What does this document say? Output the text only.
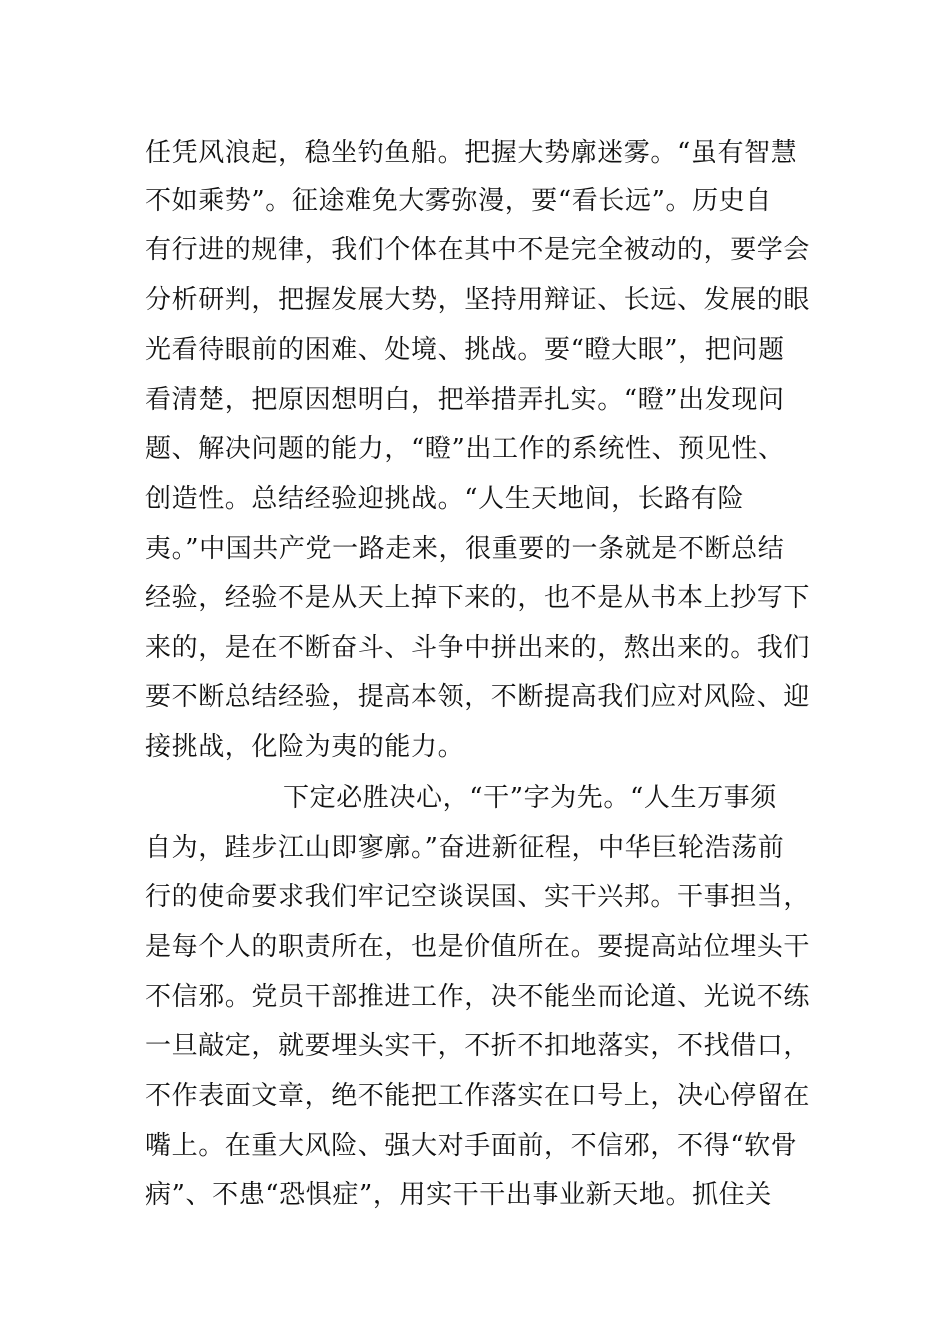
任凭风浪起，稳坐钓鱼船。把握大势廓迷雾。“虽有智慧
不如乘势”。征途难免大雾弥漫，要“看长远”。历史自
有行进的规律，我们个体在其中不是完全被动的，要学会
分析研判，把握发展大势，坚持用辩证、长远、发展的眼
光看待眼前的困难、处境、挑战。要“瞪大眼”，把问题
看清楚，把原因想明白，把举措弄扎实。“瞪”出发现问
题、解决问题的能力，“瞪”出工作的系统性、预见性、
创造性。总结经验迎挑战。“人生天地间，长路有险
夷。”中国共产党一路走来，很重要的一条就是不断总结
经验，经验不是从天上掉下来的，也不是从书本上抄写下
来的，是在不断奋斗、斗争中拼出来的，熬出来的。我们
要不断总结经验，提高本领，不断提高我们应对风险、迎
接挑战，化险为夷的能力。
下定必胜决心，“干”字为先。“人生万事须
自为，跬步江山即寥廓。”奋进新征程，中华巨轮浩荡前
行的使命要求我们牢记空谈误国、实干兴邦。干事担当，
是每个人的职责所在，也是价值所在。要提高站位埋头干
不信邪。党员干部推进工作，决不能坐而论道、光说不练
一旦敲定，就要埋头实干，不折不扣地落实，不找借口，
不作表面文章，绝不能把工作落实在口号上，决心停留在
嘴上。在重大风险、强大对手面前，不信邪，不得“软骨
病”、不患“恐惧症”，用实干干出事业新天地。抓住关
